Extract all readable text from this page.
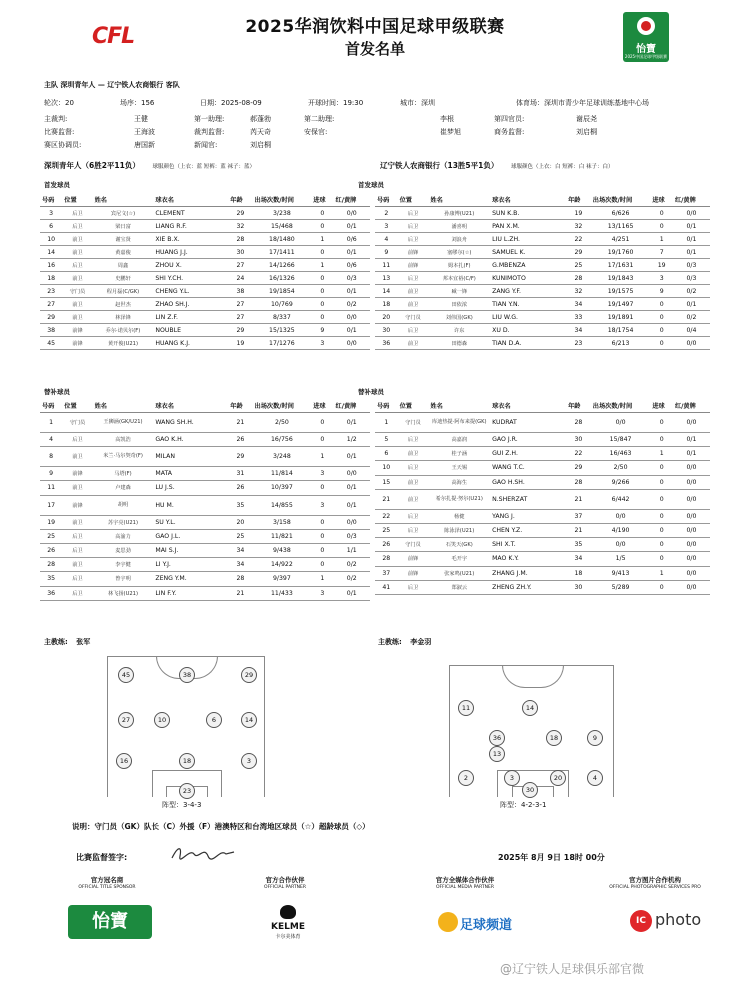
CFL	2025华润饮料中国足球甲级联赛
首发名单	怡寶
2025中国足球甲级联赛
主队 深圳青年人 — 辽宁铁人农商银行 客队
轮次：20	场序：156	日期：2025-08-09	开球时间：19:30	城市：深圳	体育场：深圳市青少年足球训练基地中心场
主裁判:	王健	第一助理:	郝蓬勃	第二助理:	李根	第四官员:	谢辰尧
比赛监督:	王海波	裁判监督:	芮天奇	安保官:	崔梦旭	商务监督:	刘启桐
赛区协调员:	唐国新	新闻官:	刘启桐
深圳青年人（6胜2平11负） 球服颜色（上衣：蓝 短裤：蓝 袜子：蓝）	辽宁铁人农商银行（13胜5平1负） 球服颜色（上衣：白 短裤：白 袜子：白）
首发球员	首发球员
号码	位置	姓名	球衣名	年龄	出场次数/时间	进球	红/黄牌
3	后卫	宾尼文(☆)	CLEMENT	29	3/238	0	0/0
6	后卫	梁日富	LIANG R.F.	32	15/468	0	0/1
10	前卫	谢宝贤	XIE B.X.	28	18/1480	1	0/6
14	前卫	黄嘉俊	HUANG J.J.	30	17/1411	0	0/1
16	后卫	周鑫	ZHOU X.	27	14/1266	1	0/6
18	前卫	史鹏轩	SHI Y.CH.	24	16/1326	0	0/3
23	守门员	程月磊(C/GK)	CHENG Y.L.	38	19/1854	0	0/1
27	前卫	赵世杰	ZHAO SH.J.	27	10/769	0	0/2
29	前卫	林泽锋	LIN Z.F.	27	8/337	0	0/0
38	前锋	乔尔·诺贝尔(F)	NOUBLE	29	15/1325	9	0/1
45	前锋	黄开俊(U21)	HUANG K.J.	19	17/1276	3	0/0
号码	位置	姓名	球衣名	年龄	出场次数/时间	进球	红/黄牌
2	后卫	孙康博(U21)	SUN K.B.	19	6/626	0	0/0
3	后卫	潘喜明	PAN X.M.	32	13/1165	0	0/1
4	后卫	刘浪舟	LIU L.ZH.	22	4/251	1	0/1
9	前锋	塞缪尔(☆)	SAMUEL K.	29	19/1760	7	0/1
11	前锋	姆本扎(F)	G.MBENZA	25	17/1631	19	0/3
13	后卫	邦本宜裕(C/F)	KUNIMOTO	28	19/1843	3	0/3
14	前卫	臧一锋	ZANG Y.F.	32	19/1575	9	0/2
18	前卫	田依浓	TIAN Y.N.	34	19/1497	0	0/1
20	守门员	刘伟国(GK)	LIU W.G.	33	19/1891	0	0/2
30	后卫	许东	XU D.	34	18/1754	0	0/4
36	前卫	田德森	TIAN D.A.	23	6/213	0	0/0
替补球员	替补球员
号码	位置	姓名	球衣名	年龄	出场次数/时间	进球	红/黄牌
1	守门员	王狮涵(GK/U21)	WANG SH.H.	21	2/50	0	0/1
4	后卫	高凯浩	GAO K.H.	26	16/756	0	1/2
8	前卫	米兰·马尔契奇(F)	MILAN	29	3/248	1	0/1
9	前锋	马塔(F)	MATA	31	11/814	3	0/0
11	前卫	卢建森	LU J.S.	26	10/397	0	0/1
17	前锋	胡明	HU M.	35	14/855	3	0/1
19	前卫	苏宇亮(U21)	SU Y.L.	20	3/158	0	0/0
25	后卫	高渝力	GAO J.L.	25	11/821	0	0/3
26	后卫	麦思劲	MAI S.J.	34	9/438	0	1/1
28	前卫	李宇健	LI Y.J.	34	14/922	0	0/2
35	后卫	曾宇明	ZENG Y.M.	28	9/397	1	0/2
36	后卫	林飞扬(U21)	LIN F.Y.	21	11/433	3	0/1
号码	位置	姓名	球衣名	年龄	出场次数/时间	进球	红/黄牌
1	守门员	库迪热提·阿布来提(GK)	KUDRAT	28	0/0	0	0/0
5	后卫	高嘉润	GAO J.R.	30	15/847	0	0/1
6	前卫	桂子涵	GUI Z.H.	22	16/463	1	0/1
10	后卫	王天锡	WANG T.C.	29	2/50	0	0/0
15	前卫	高海生	GAO H.SH.	28	9/266	0	0/0
21	前卫	希尔扎提·努尔(U21)	N.SHERZAT	21	6/442	0	0/0
22	后卫	杨健	YANG J.	37	0/0	0	0/0
25	后卫	陈泳泽(U21)	CHEN Y.Z.	21	4/190	0	0/0
26	守门员	石笑天(GK)	SHI X.T.	35	0/0	0	0/0
28	前锋	毛开宇	MAO K.Y.	34	1/5	0	0/0
37	前锋	张家鸣(U21)	ZHANG J.M.	18	9/413	1	0/0
41	后卫	郑淑云	ZHENG ZH.Y.	30	5/289	0	0/0
主教练: 张军	主教练: 李金羽
45	38	29
27	10	6	14
16	18	3
23
阵型：3-4-3
11	14
36	18	9
13
3
2
30
20	4
阵型：4-2-3-1
说明：守门员（GK）队长（C）外援（F）港澳特区和台湾地区球员（☆）超龄球员（◇）
比赛监督签字:	2025年 8月 9日 18时 00分
官方冠名商
OFFICIAL TITLE SPONSOR
官方合作伙伴
OFFICIAL PARTNER
官方全媒体合作伙伴
OFFICIAL MEDIA PARTNER
官方图片合作机构
OFFICIAL PHOTOGRAPHIC SERVICES PRO
怡寶	KELME
卡尔美体育
足球频道	IC photo
@辽宁铁人足球俱乐部官微
